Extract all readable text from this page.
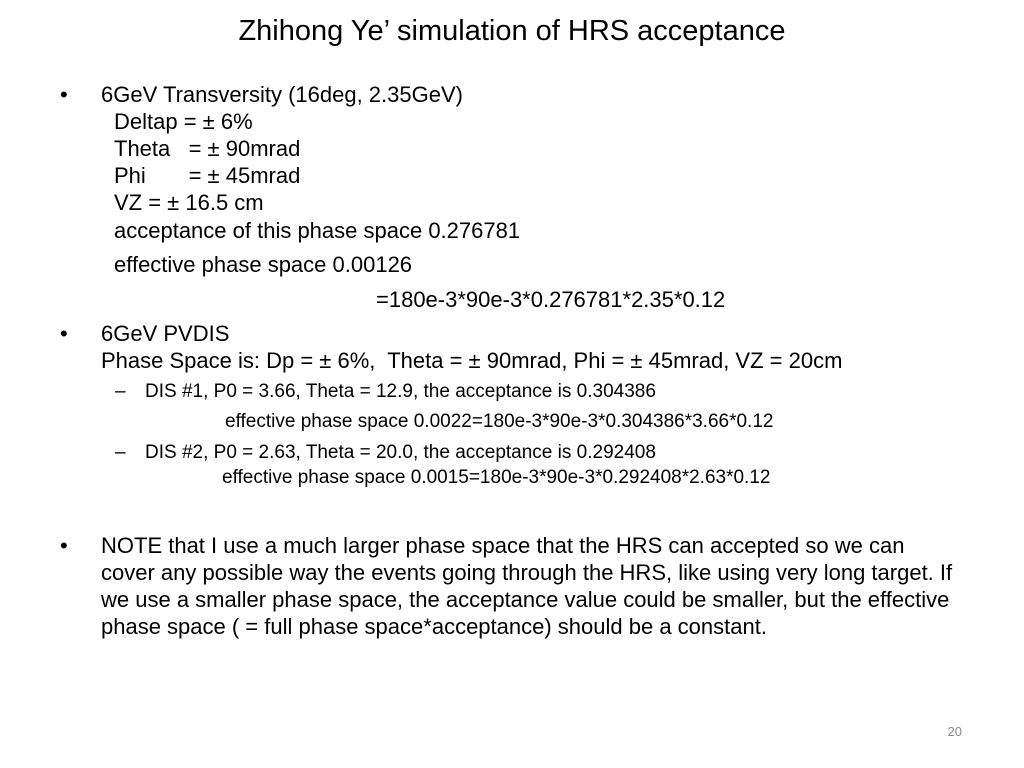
Zhihong Ye’ simulation of HRS acceptance
• 6GeV Transversity (16deg, 2.35GeV)
Deltap = ± 6%
Theta   = ± 90mrad
Phi       = ± 45mrad
VZ = ± 16.5 cm
acceptance of this phase space 0.276781
effective phase space 0.00126
=180e-3*90e-3*0.276781*2.35*0.12
• 6GeV PVDIS
Phase Space is: Dp = ± 6%,  Theta = ± 90mrad, Phi = ± 45mrad, VZ = 20cm
– DIS #1, P0 = 3.66, Theta = 12.9, the acceptance is 0.304386
effective phase space 0.0022=180e-3*90e-3*0.304386*3.66*0.12
– DIS #2, P0 = 2.63, Theta = 20.0, the acceptance is 0.292408
effective phase space 0.0015=180e-3*90e-3*0.292408*2.63*0.12
• NOTE that I use a much larger phase space that the HRS can accepted so we can cover any possible way the events going through the HRS, like using very long target. If we use a smaller phase space, the acceptance value could be smaller, but the effective phase space ( = full phase space*acceptance) should be a constant.
20
